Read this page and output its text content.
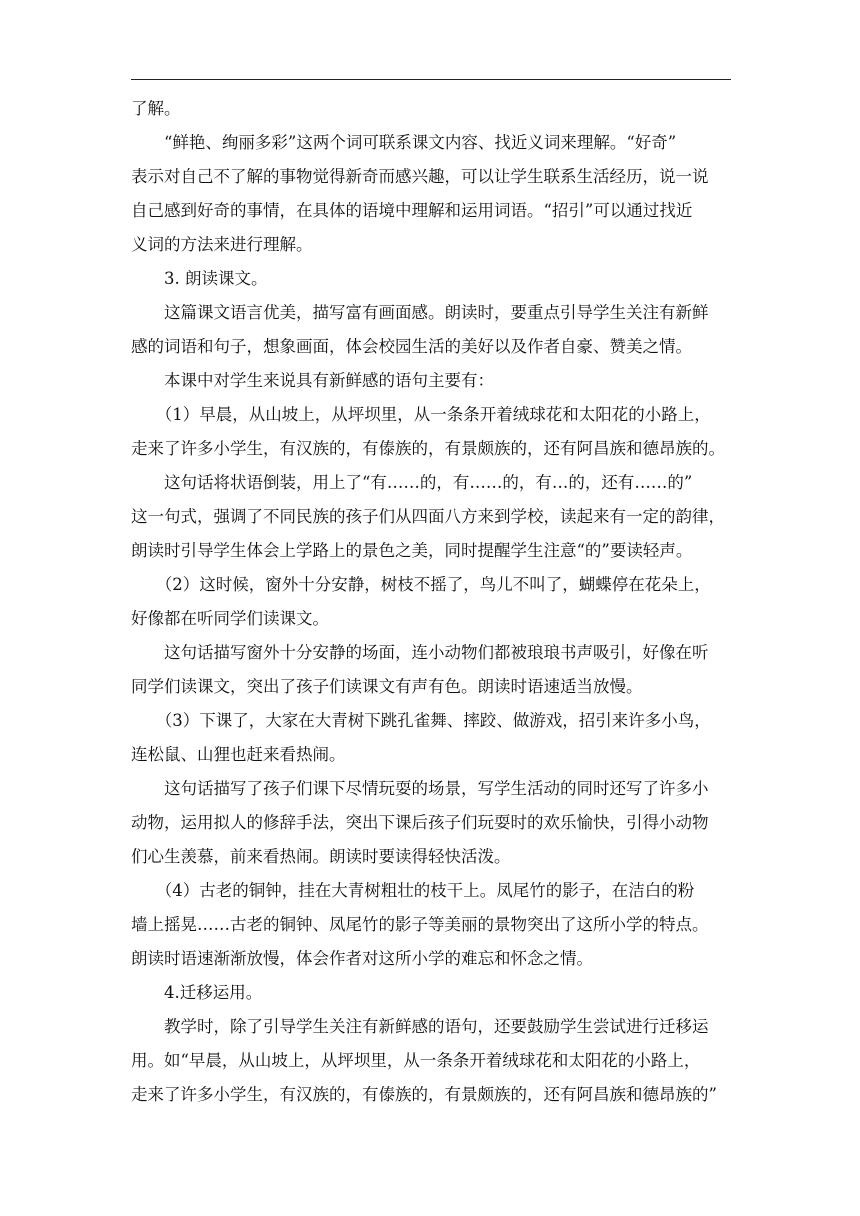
了解。
“鲜艳、绚丽多彩”这两个词可联系课文内容、找近义词来理解。“好奇”
表示对自己不了解的事物觉得新奇而感兴趣，可以让学生联系生活经历，说一说
自己感到好奇的事情，在具体的语境中理解和运用词语。“招引”可以通过找近
义词的方法来进行理解。
3. 朗读课文。
这篇课文语言优美，描写富有画面感。朗读时，要重点引导学生关注有新鲜
感的词语和句子，想象画面，体会校园生活的美好以及作者自豪、赞美之情。
本课中对学生来说具有新鲜感的语句主要有：
（1）早晨，从山坡上，从坪坝里，从一条条开着绒球花和太阳花的小路上，
走来了许多小学生，有汉族的，有傣族的，有景颇族的，还有阿昌族和德昂族的。
这句话将状语倒装，用上了“有……的，有……的，有…的，还有……的”
这一句式，强调了不同民族的孩子们从四面八方来到学校，读起来有一定的韵律，
朗读时引导学生体会上学路上的景色之美，同时提醒学生注意“的”要读轻声。
（2）这时候，窗外十分安静，树枝不摇了，鸟儿不叫了，蝴蝶停在花朵上，
好像都在听同学们读课文。
这句话描写窗外十分安静的场面，连小动物们都被琅琅书声吸引，好像在听
同学们读课文，突出了孩子们读课文有声有色。朗读时语速适当放慢。
（3）下课了，大家在大青树下跳孔雀舞、摔跤、做游戏，招引来许多小鸟，
连松鼠、山狸也赶来看热闹。
这句话描写了孩子们课下尽情玩耍的场景，写学生活动的同时还写了许多小
动物，运用拟人的修辞手法，突出下课后孩子们玩耍时的欢乐愉快，引得小动物
们心生羡慕，前来看热闹。朗读时要读得轻快活泼。
（4）古老的铜钟，挂在大青树粗壮的枝干上。凤尾竹的影子，在洁白的粉
墙上摇晃……古老的铜钟、凤尾竹的影子等美丽的景物突出了这所小学的特点。
朗读时语速渐渐放慢，体会作者对这所小学的难忘和怀念之情。
4.迁移运用。
教学时，除了引导学生关注有新鲜感的语句，还要鼓励学生尝试进行迁移运
用。如“早晨，从山坡上，从坪坝里，从一条条开着绒球花和太阳花的小路上，
走来了许多小学生，有汉族的，有傣族的，有景颇族的，还有阿昌族和德昂族的”
